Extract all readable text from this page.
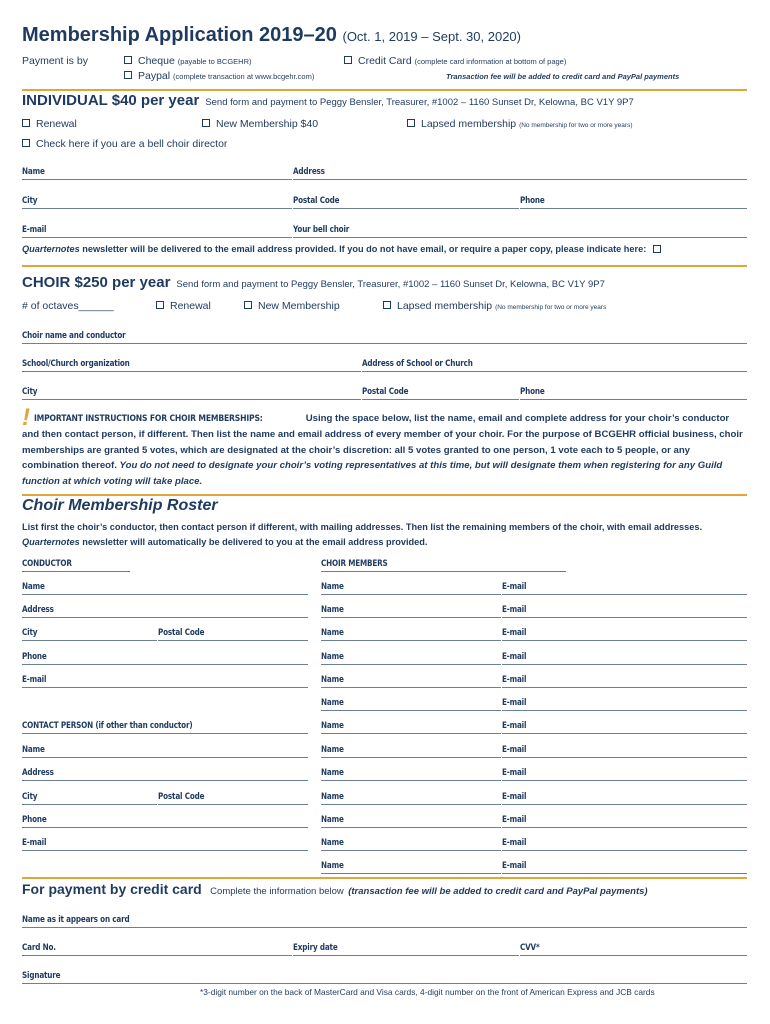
Membership Application 2019–20 (Oct. 1, 2019 – Sept. 30, 2020)
Payment is by	Cheque (payable to BCGEHR)	Credit Card (complete card information at bottom of page)
Paypal (complete transaction at www.bcgehr.com)	Transaction fee will be added to credit card and PayPal payments
INDIVIDUAL $40 per year Send form and payment to Peggy Bensler, Treasurer, #1002 – 1160 Sunset Dr, Kelowna, BC V1Y 9P7
Renewal	New Membership $40	Lapsed membership (No membership for two or more years)
Check here if you are a bell choir director
Name	Address
City	Postal Code	Phone
E-mail	Your bell choir
Quarternotes newsletter will be delivered to the email address provided. If you do not have email, or require a paper copy, please indicate here:
CHOIR $250 per year Send form and payment to Peggy Bensler, Treasurer, #1002 – 1160 Sunset Dr, Kelowna, BC V1Y 9P7
# of octaves______	Renewal	New Membership	Lapsed membership (No membership for two or more years
Choir name and conductor
School/Church organization	Address of School or Church
City	Postal Code	Phone
! IMPORTANT INSTRUCTIONS FOR CHOIR MEMBERSHIPS:	Using the space below, list the name, email and complete address for your choir’s conductor and then contact person, if different. Then list the name and email address of every member of your choir. For the purpose of BCGEHR official business, choir memberships are granted 5 votes, which are designated at the choir’s discretion: all 5 votes granted to one person, 1 vote each to 5 people, or any combination thereof. You do not need to designate your choir’s voting representatives at this time, but will designate them when registering for any Guild function at which voting will take place.
Choir Membership Roster
List first the choir’s conductor, then contact person if different, with mailing addresses. Then list the remaining members of the choir, with email addresses. Quarternotes newsletter will automatically be delivered to you at the email address provided.
CONDUCTOR	CHOIR MEMBERS
Name
Address
City	Postal Code
Phone
E-mail
CONTACT PERSON (if other than conductor)
Name
Address
City	Postal Code
Phone
E-mail
Name	E-mail
Name	E-mail
Name	E-mail
Name	E-mail
Name	E-mail
Name	E-mail
Name	E-mail
Name	E-mail
Name	E-mail
Name	E-mail
Name	E-mail
Name	E-mail
Name	E-mail
For payment by credit card Complete the information below (transaction fee will be added to credit card and PayPal payments)
Name as it appears on card
Card No.	Expiry date	CVV*
Signature
*3-digit number on the back of MasterCard and Visa cards, 4-digit number on the front of American Express and JCB cards
